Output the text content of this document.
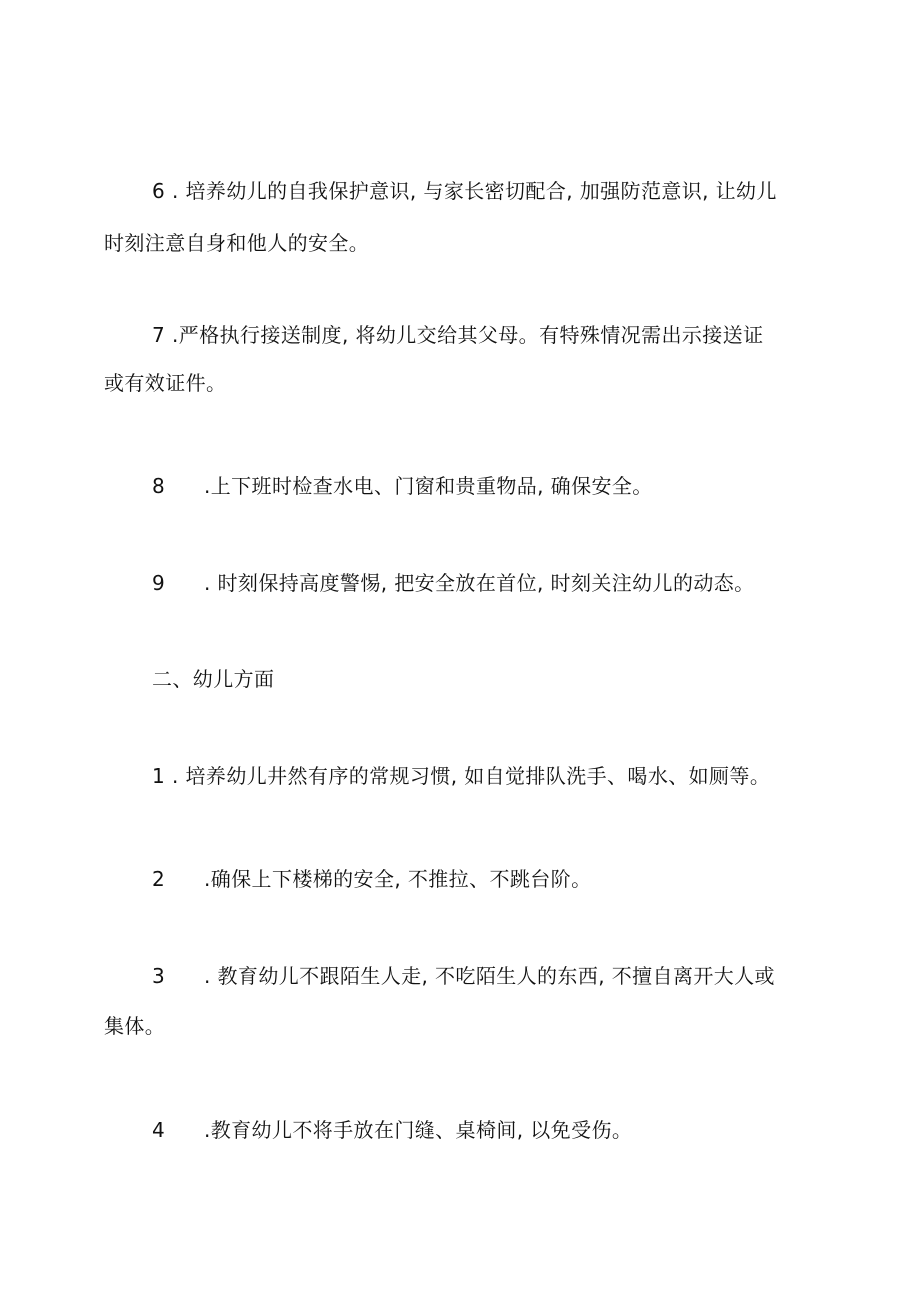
6 . 培养幼儿的自我保护意识, 与家长密切配合, 加强防范意识, 让幼儿
时刻注意自身和他人的安全。
7 .严格执行接送制度, 将幼儿交给其父母。有特殊情况需出示接送证
或有效证件。
8 .上下班时检查水电、门窗和贵重物品, 确保安全。
9 . 时刻保持高度警惕, 把安全放在首位, 时刻关注幼儿的动态。
二、幼儿方面
1 . 培养幼儿井然有序的常规习惯, 如自觉排队洗手、喝水、如厕等。
2 .确保上下楼梯的安全, 不推拉、不跳台阶。
3 . 教育幼儿不跟陌生人走, 不吃陌生人的东西, 不擅自离开大人或
集体。
4 .教育幼儿不将手放在门缝、桌椅间, 以免受伤。
